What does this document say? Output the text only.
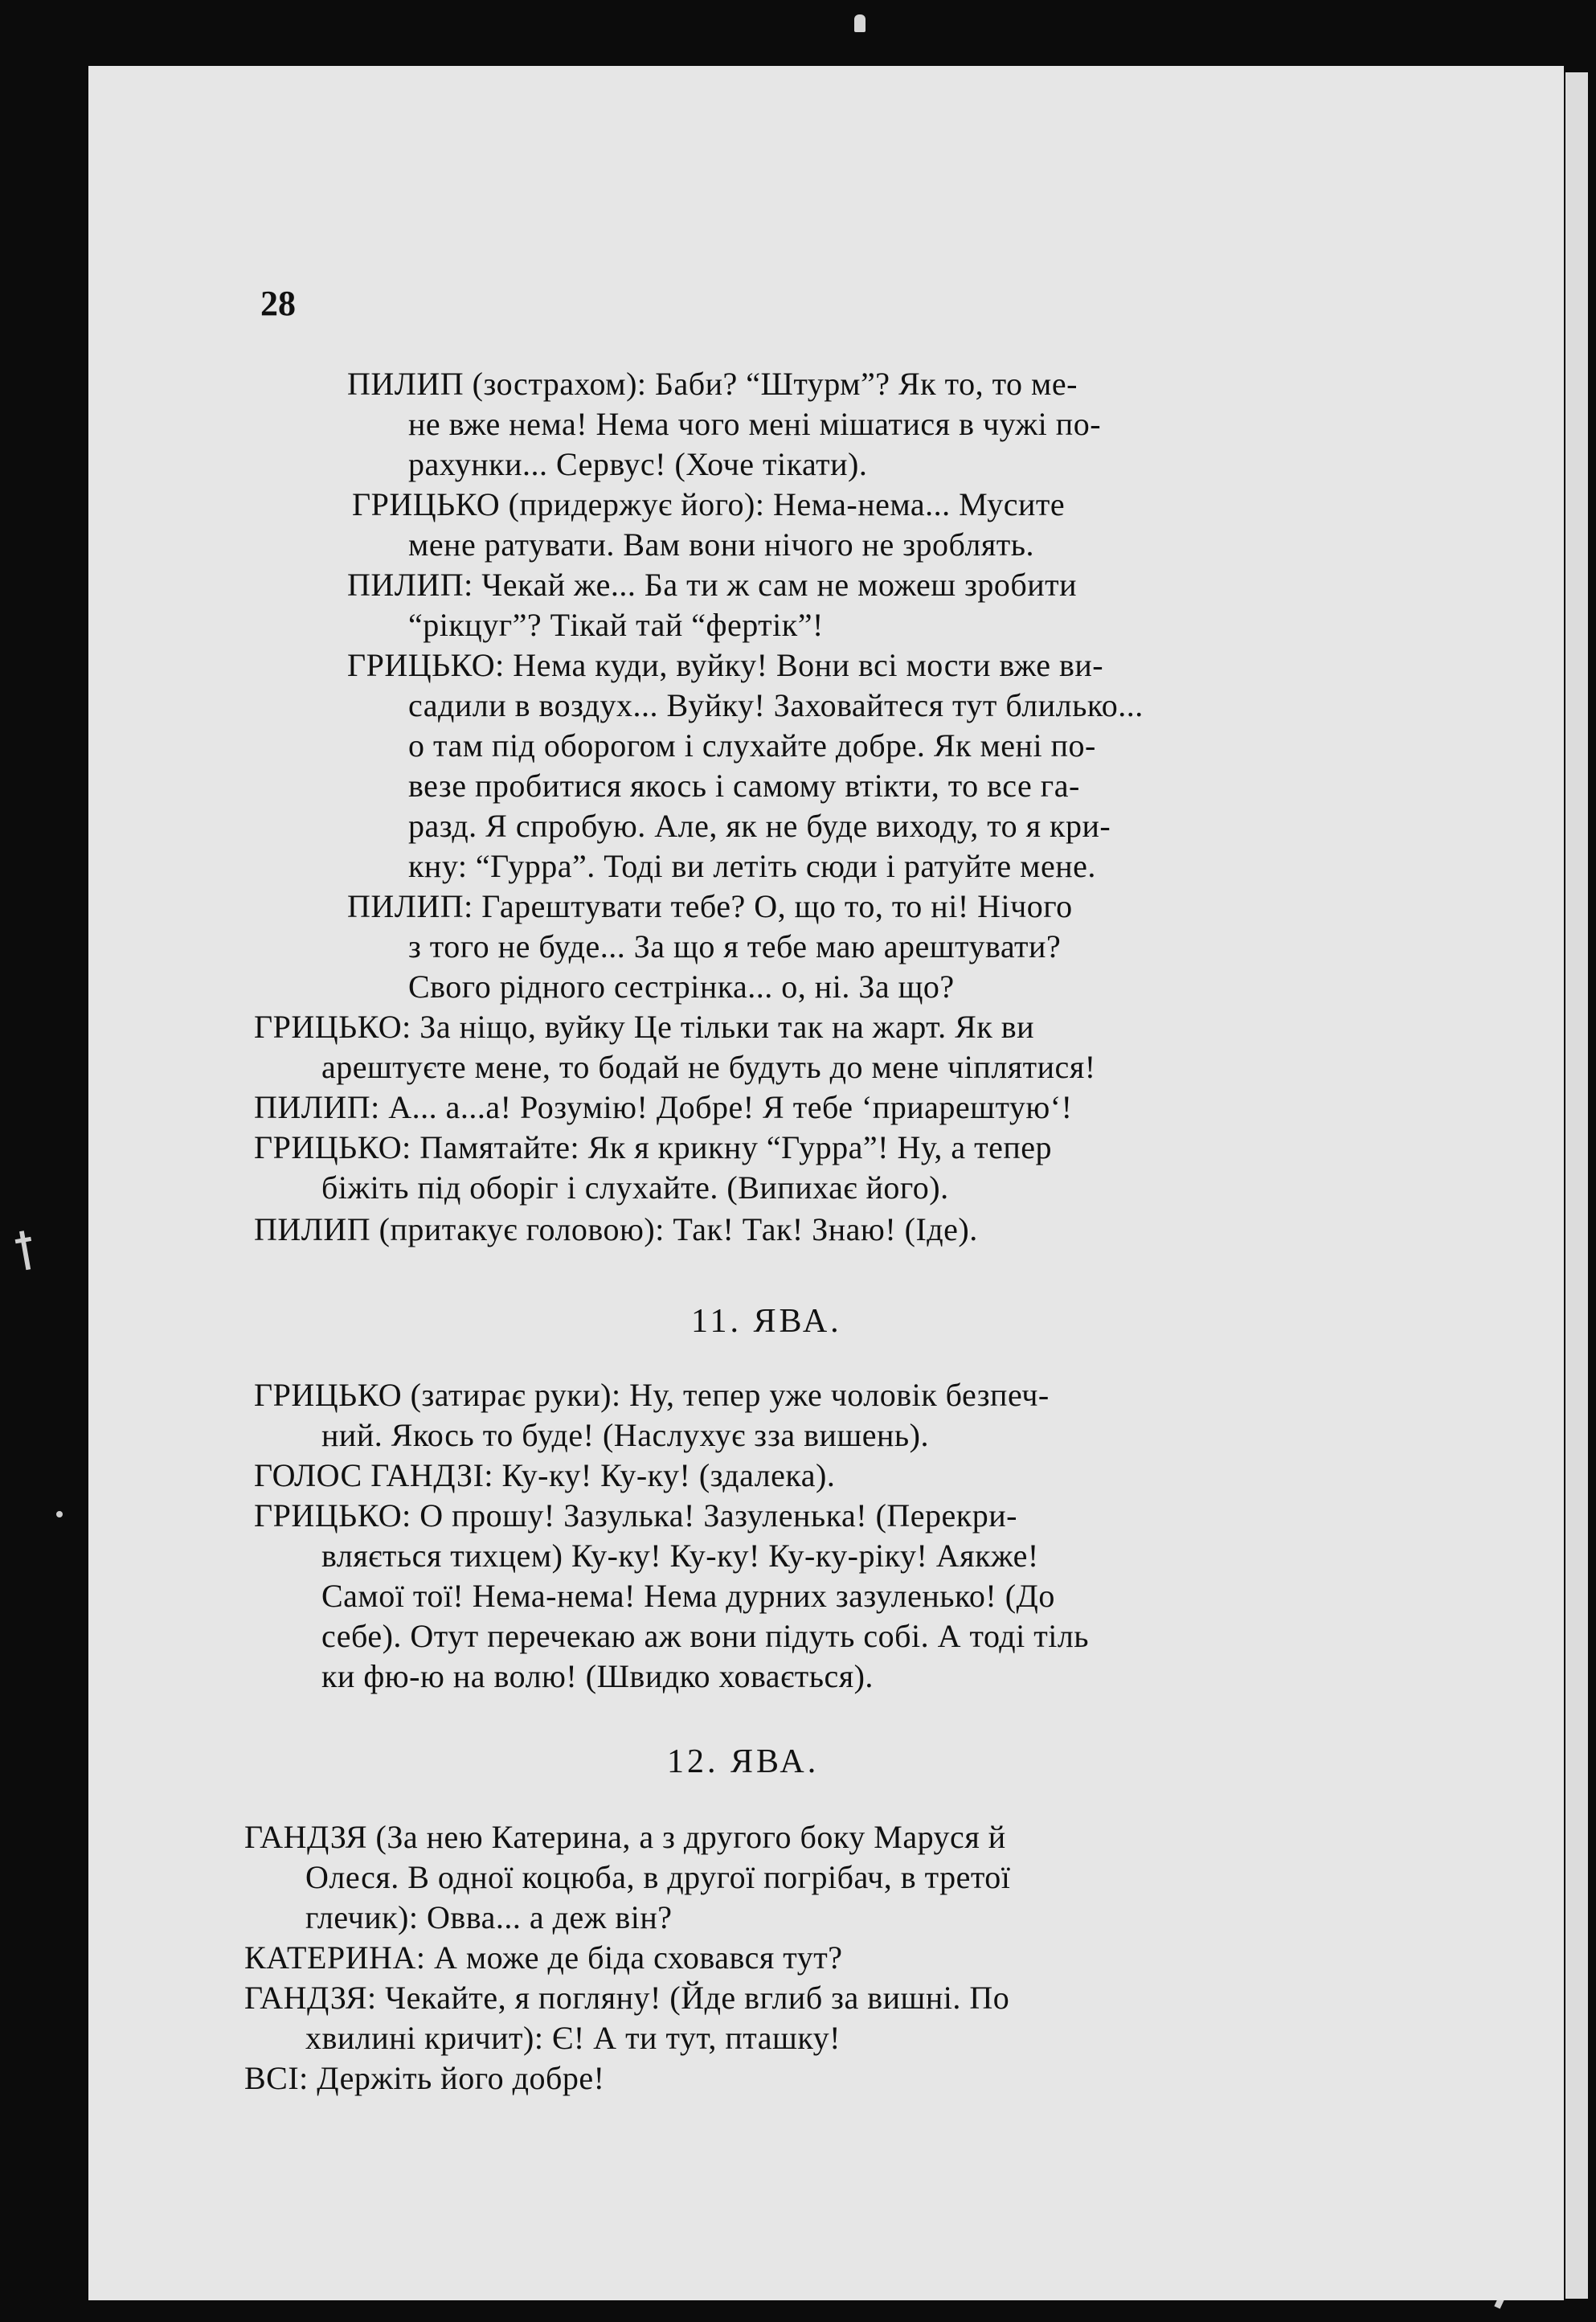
ꝉ
28
ПИЛИП (зострахом): Баби? “Штурм”? Як то, то ме-
не вже нема! Нема чого мені мішатися в чужі по-
рахунки... Сервус! (Хоче тікати).
ГРИЦЬКО (придержує його): Нема-нема... Мусите
мене ратувати. Вам вони нічого не зроблять.
ПИЛИП: Чекай же... Ба ти ж сам не можеш зробити
“рікцуг”? Тікай тай “фертік”!
ГРИЦЬКО: Нема куди, вуйку! Вони всі мости вже ви-
садили в воздух... Вуйку! Заховайтеся тут блилько...
о там під оборогом і слухайте добре. Як мені по-
везе пробитися якось і самому втікти, то все га-
разд. Я спробую. Але, як не буде виходу, то я кри-
кну: “Гурра”. Тоді ви летіть сюди і ратуйте мене.
ПИЛИП: Гарештувати тебе? О, що то, то ні! Нічого
з того не буде... За що я тебе маю арештувати?
Свого рідного сестрінка... о, ні. За що?
ГРИЦЬКО: За ніщо, вуйку Це тільки так на жарт. Як ви
арештуєте мене, то бодай не будуть до мене чіплятися!
ПИЛИП: А... а...а! Розумію! Добре! Я тебе ‘приарештую‘!
ГРИЦЬКО: Памятайте: Як я крикну “Гурра”! Ну, а тепер
біжіть під оборіг і слухайте. (Випихає його).
ПИЛИП (притакує головою): Так! Так! Знаю! (Іде).
11. ЯВА.
ГРИЦЬКО (затирає руки): Ну, тепер уже чоловік безпеч-
ний. Якось то буде! (Наслухує зза вишень).
ГОЛОС ГАНДЗІ: Ку-ку! Ку-ку! (здалека).
ГРИЦЬКО: О прошу! Зазулька! Зазуленька! (Перекри-
вляється тихцем) Ку-ку! Ку-ку! Ку-ку-ріку! Аякже!
Самої тої! Нема-нема! Нема дурних зазуленько! (До
себе). Отут перечекаю аж вони підуть собі. А тоді тіль
ки фю-ю на волю! (Швидко ховається).
12. ЯВА.
ГАНДЗЯ (За нею Катерина, а з другого боку Маруся й
Олеся. В одної коцюба, в другої погрібач, в третої
глечик): Овва... а деж він?
КАТЕРИНА: А може де біда сховався тут?
ГАНДЗЯ: Чекайте, я погляну! (Йде вглиб за вишні. По
хвилині кричит): Є! А ти тут, пташку!
ВСІ: Держіть його добре!
